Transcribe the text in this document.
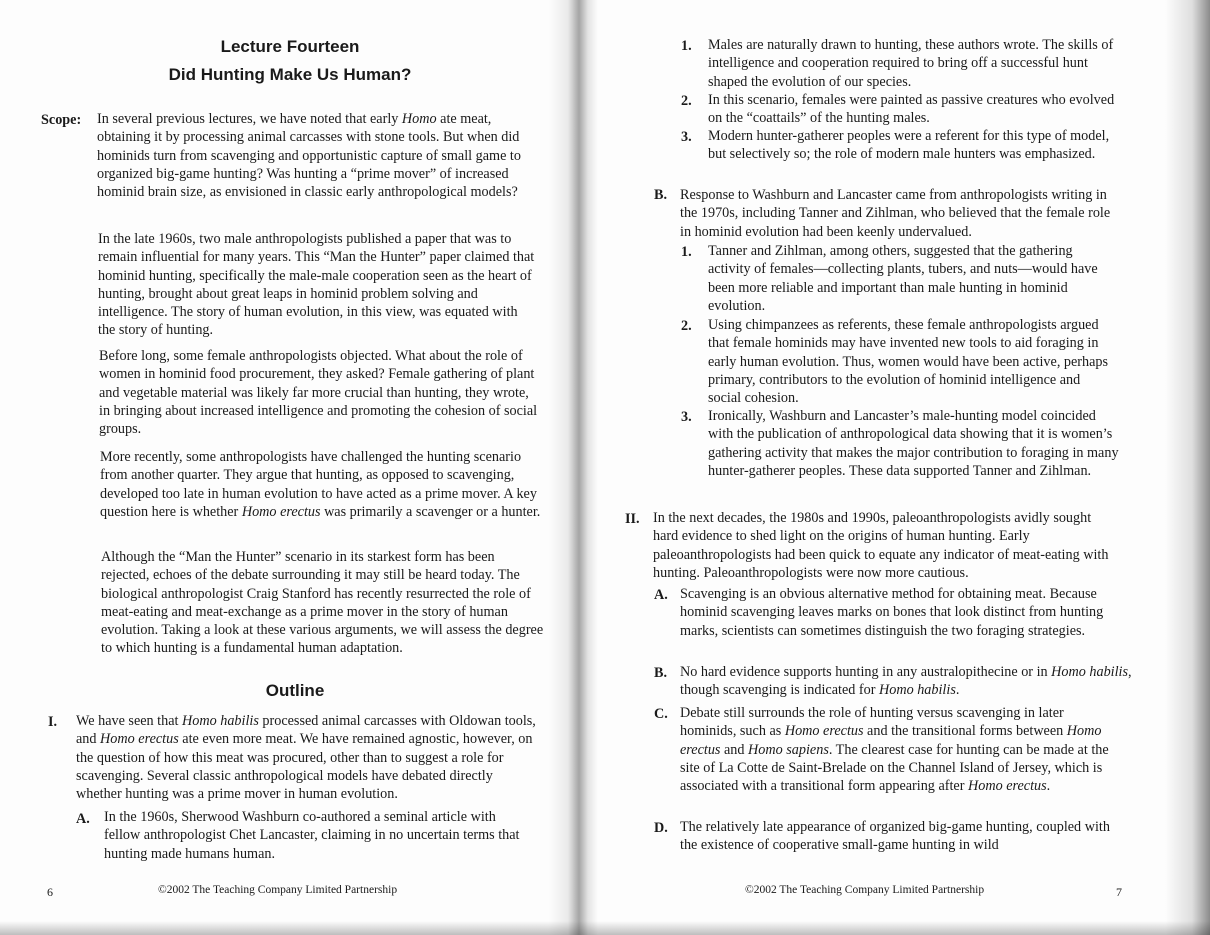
Lecture Fourteen
Did Hunting Make Us Human?
Scope: In several previous lectures, we have noted that early Homo ate meat, obtaining it by processing animal carcasses with stone tools. But when did hominids turn from scavenging and opportunistic capture of small game to organized big-game hunting? Was hunting a “prime mover” of increased hominid brain size, as envisioned in classic early anthropological models?

In the late 1960s, two male anthropologists published a paper that was to remain influential for many years. This “Man the Hunter” paper claimed that hominid hunting, specifically the male-male cooperation seen as the heart of hunting, brought about great leaps in hominid problem solving and intelligence. The story of human evolution, in this view, was equated with the story of hunting.

Before long, some female anthropologists objected. What about the role of women in hominid food procurement, they asked? Female gathering of plant and vegetable material was likely far more crucial than hunting, they wrote, in bringing about increased intelligence and promoting the cohesion of social groups.

More recently, some anthropologists have challenged the hunting scenario from another quarter. They argue that hunting, as opposed to scavenging, developed too late in human evolution to have acted as a prime mover. A key question here is whether Homo erectus was primarily a scavenger or a hunter.

Although the “Man the Hunter” scenario in its starkest form has been rejected, echoes of the debate surrounding it may still be heard today. The biological anthropologist Craig Stanford has recently resurrected the role of meat-eating and meat-exchange as a prime mover in the story of human evolution. Taking a look at these various arguments, we will assess the degree to which hunting is a fundamental human adaptation.

Outline
I. We have seen that Homo habilis processed animal carcasses with Oldowan tools, and Homo erectus ate even more meat. We have remained agnostic, however, on the question of how this meat was procured, other than to suggest a role for scavenging. Several classic anthropological models have debated directly whether hunting was a prime mover in human evolution.

A. In the 1960s, Sherwood Washburn co-authored a seminal article with fellow anthropologist Chet Lancaster, claiming in no uncertain terms that hunting made humans human.

6	©2002 The Teaching Company Limited Partnership
1. Males are naturally drawn to hunting, these authors wrote. The skills of intelligence and cooperation required to bring off a successful hunt shaped the evolution of our species.

2. In this scenario, females were painted as passive creatures who evolved on the “coattails” of the hunting males.

3. Modern hunter-gatherer peoples were a referent for this type of model, but selectively so; the role of modern male hunters was emphasized.

B. Response to Washburn and Lancaster came from anthropologists writing in the 1970s, including Tanner and Zihlman, who believed that the female role in hominid evolution had been keenly undervalued.

1. Tanner and Zihlman, among others, suggested that the gathering activity of females—collecting plants, tubers, and nuts—would have been more reliable and important than male hunting in hominid evolution.

2. Using chimpanzees as referents, these female anthropologists argued that female hominids may have invented new tools to aid foraging in early human evolution. Thus, women would have been active, perhaps primary, contributors to the evolution of hominid intelligence and social cohesion.

3. Ironically, Washburn and Lancaster’s male-hunting model coincided with the publication of anthropological data showing that it is women’s gathering activity that makes the major contribution to foraging in many hunter-gatherer peoples. These data supported Tanner and Zihlman.

II. In the next decades, the 1980s and 1990s, paleoanthropologists avidly sought hard evidence to shed light on the origins of human hunting. Early paleoanthropologists had been quick to equate any indicator of meat-eating with hunting. Paleoanthropologists were now more cautious.

A. Scavenging is an obvious alternative method for obtaining meat. Because hominid scavenging leaves marks on bones that look distinct from hunting marks, scientists can sometimes distinguish the two foraging strategies.

B. No hard evidence supports hunting in any australopithecine or in Homo habilis, though scavenging is indicated for Homo habilis.

C. Debate still surrounds the role of hunting versus scavenging in later hominids, such as Homo erectus and the transitional forms between Homo erectus and Homo sapiens. The clearest case for hunting can be made at the site of La Cotte de Saint-Brelade on the Channel Island of Jersey, which is associated with a transitional form appearing after Homo erectus.

D. The relatively late appearance of organized big-game hunting, coupled with the existence of cooperative small-game hunting in wild

©2002 The Teaching Company Limited Partnership	7
